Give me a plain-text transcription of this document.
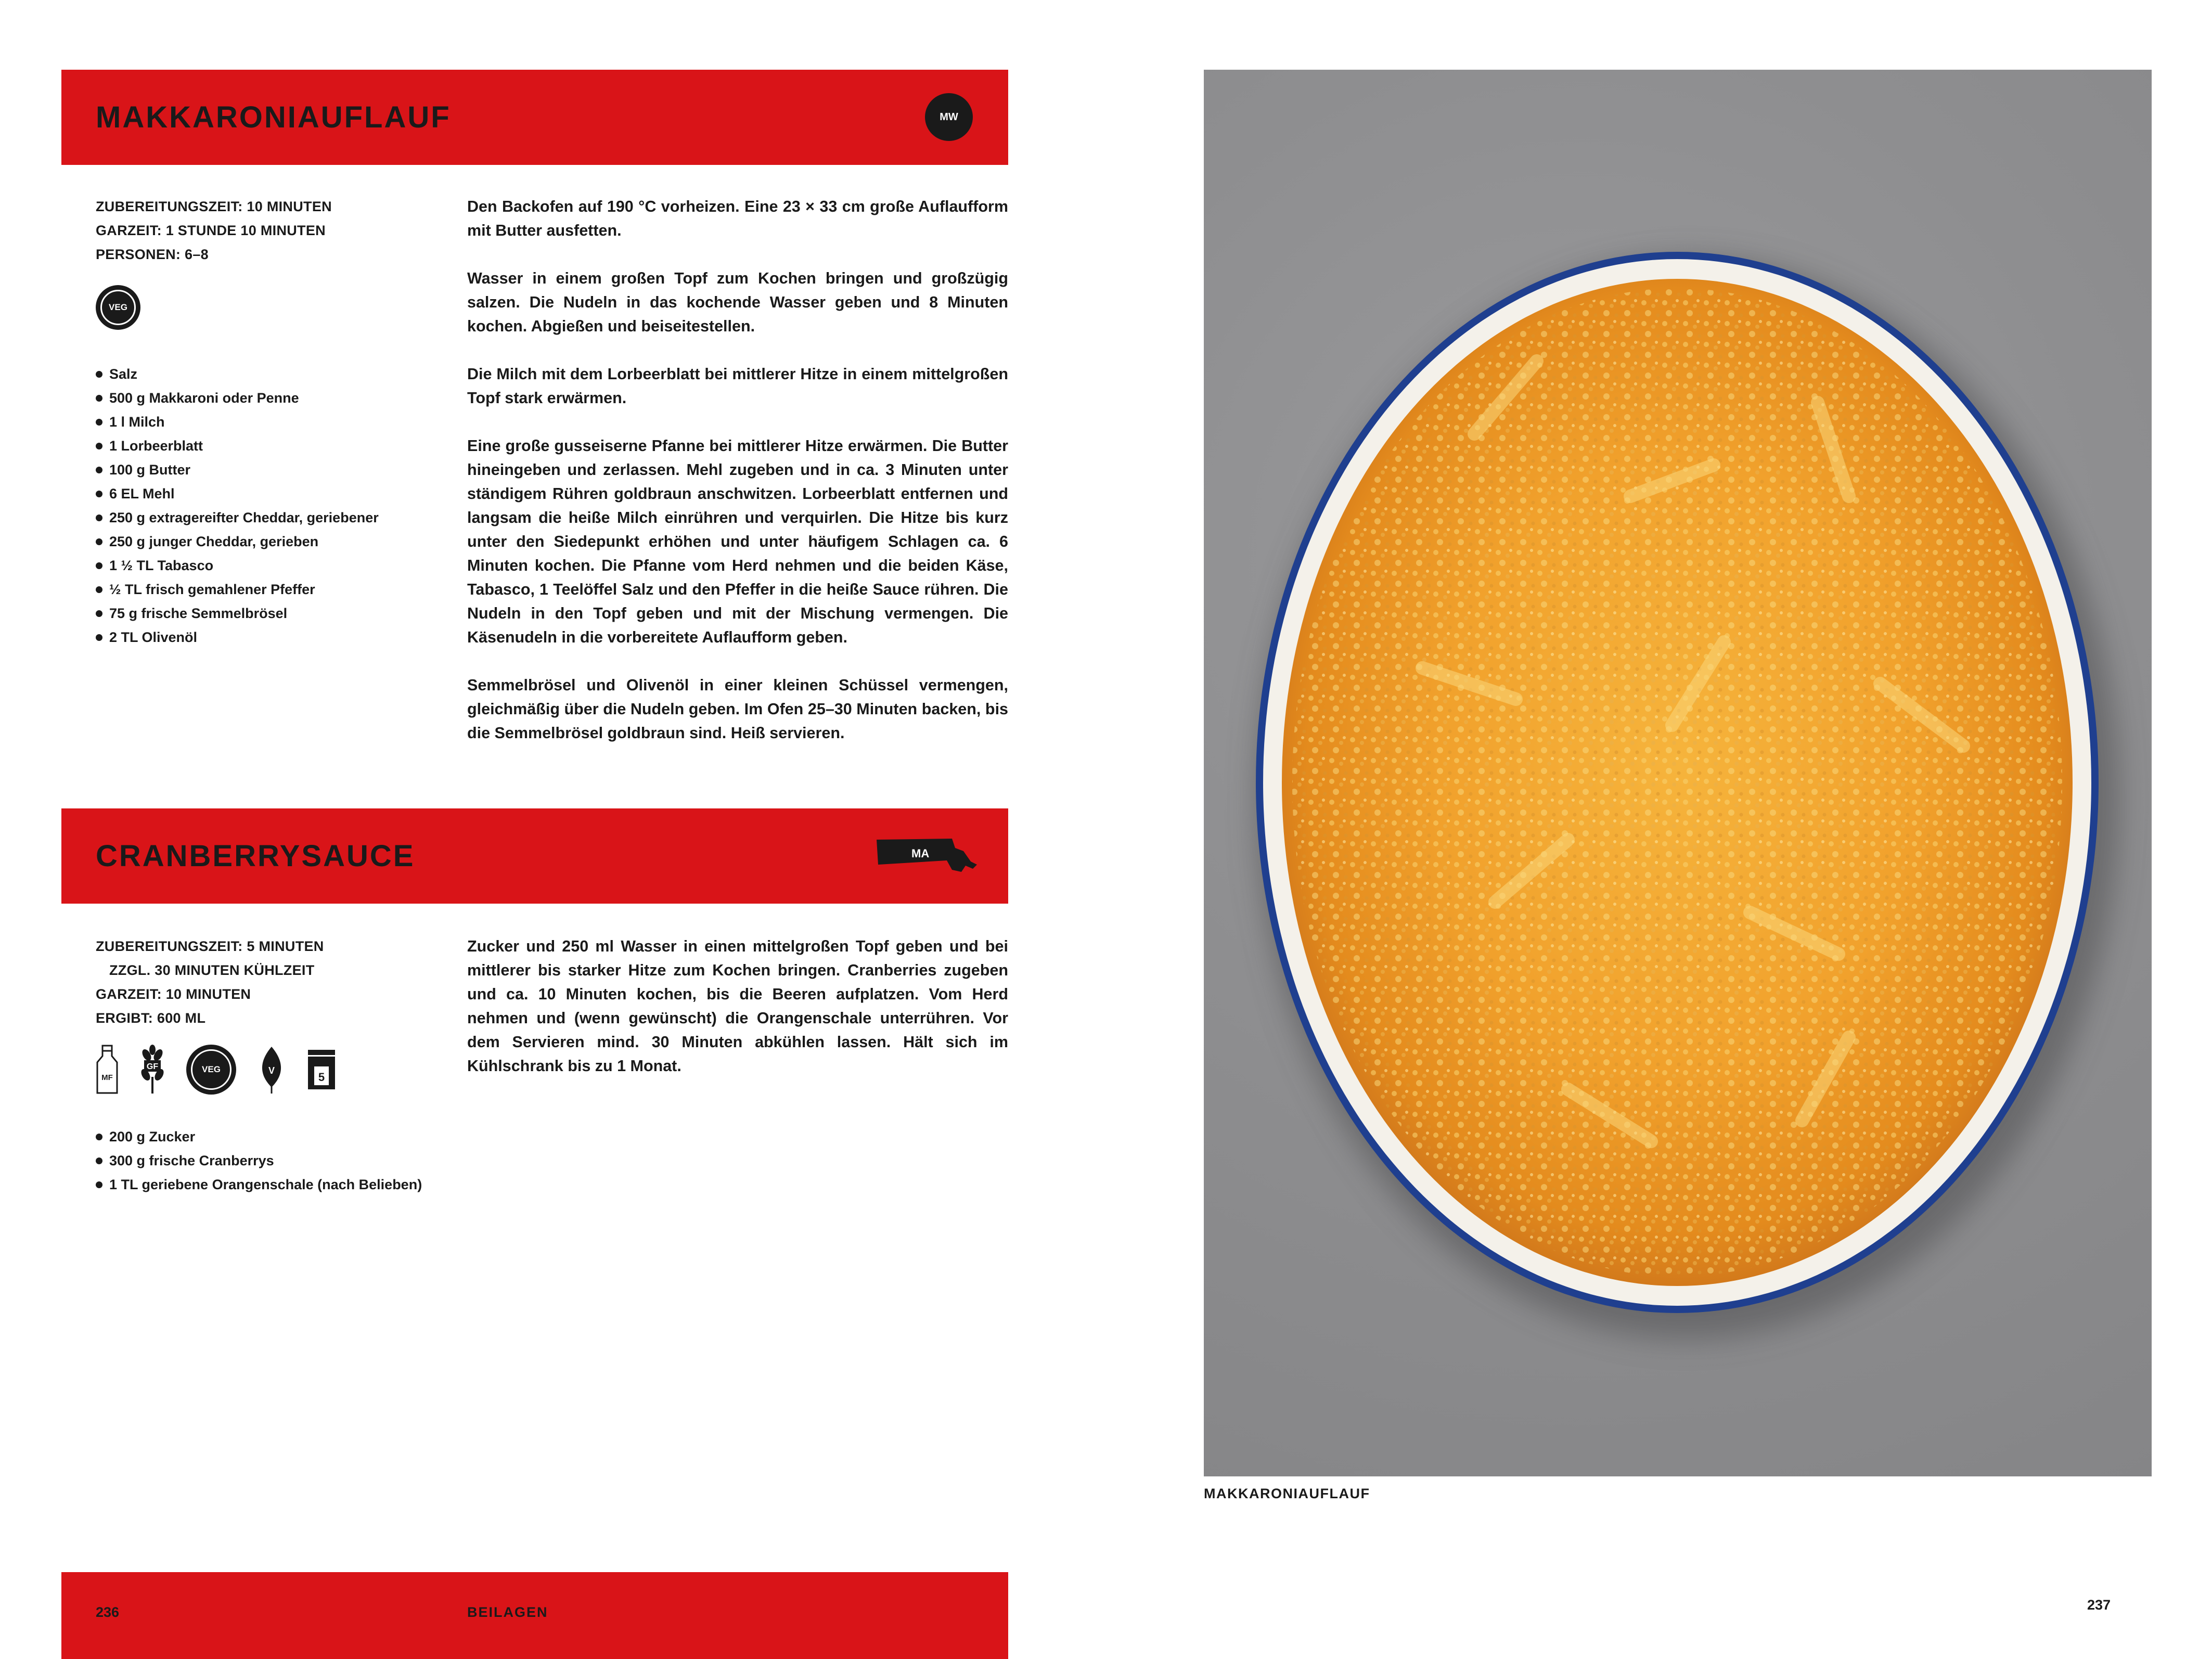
MAKKARONIAUFLAUF	MW
ZUBEREITUNGSZEIT: 10 MINUTEN
GARZEIT: 1 STUNDE 10 MINUTEN
PERSONEN: 6–8
VEG
Salz
500 g Makkaroni oder Penne
1 l Milch
1 Lorbeerblatt
100 g Butter
6 EL Mehl
250 g extragereifter Cheddar, geriebener
250 g junger Cheddar, gerieben
1 ½ TL Tabasco
½ TL frisch gemahlener Pfeffer
75 g frische Semmelbrösel
2 TL Olivenöl

Den Backofen auf 190 °C vorheizen. Eine 23 × 33 cm große Auflaufform mit Butter ausfetten.

Wasser in einem großen Topf zum Kochen bringen und großzügig salzen. Die Nudeln in das kochende Wasser geben und 8 Minuten kochen. Abgießen und beiseitestellen.

Die Milch mit dem Lorbeerblatt bei mittlerer Hitze in einem mittelgroßen Topf stark erwärmen.

Eine große gusseiserne Pfanne bei mittlerer Hitze erwärmen. Die Butter hineingeben und zerlassen. Mehl zugeben und in ca. 3 Minuten unter ständigem Rühren goldbraun anschwitzen. Lorbeerblatt entfernen und langsam die heiße Milch einrühren und verquirlen. Die Hitze bis kurz unter den Siedepunkt erhöhen und unter häufigem Schlagen ca. 6 Minuten kochen. Die Pfanne vom Herd nehmen und die beiden Käse, Tabasco, 1 Teelöffel Salz und den Pfeffer in die heiße Sauce rühren. Die Nudeln in den Topf geben und mit der Mischung vermengen. Die Käsenudeln in die vorbereitete Auflaufform geben.

Semmelbrösel und Olivenöl in einer kleinen Schüssel vermengen, gleichmäßig über die Nudeln geben. Im Ofen 25–30 Minuten backen, bis die Semmelbrösel goldbraun sind. Heiß servieren.

CRANBERRYSAUCE	MA
ZUBEREITUNGSZEIT: 5 MINUTEN
ZZGL. 30 MINUTEN KÜHLZEIT
GARZEIT: 10 MINUTEN
ERGIBT: 600 ML
MF
GF	VEG	V	5
200 g Zucker
300 g frische Cranberrys
1 TL geriebene Orangenschale (nach Belieben)

Zucker und 250 ml Wasser in einen mittelgroßen Topf geben und bei mittlerer bis starker Hitze zum Kochen bringen. Cranberries zugeben und ca. 10 Minuten kochen, bis die Beeren aufplatzen. Vom Herd nehmen und (wenn gewünscht) die Orangenschale unterrühren. Vor dem Servieren mind. 30 Minuten abkühlen lassen. Hält sich im Kühlschrank bis zu 1 Monat.

236	BEILAGEN
MAKKARONIAUFLAUF
237
